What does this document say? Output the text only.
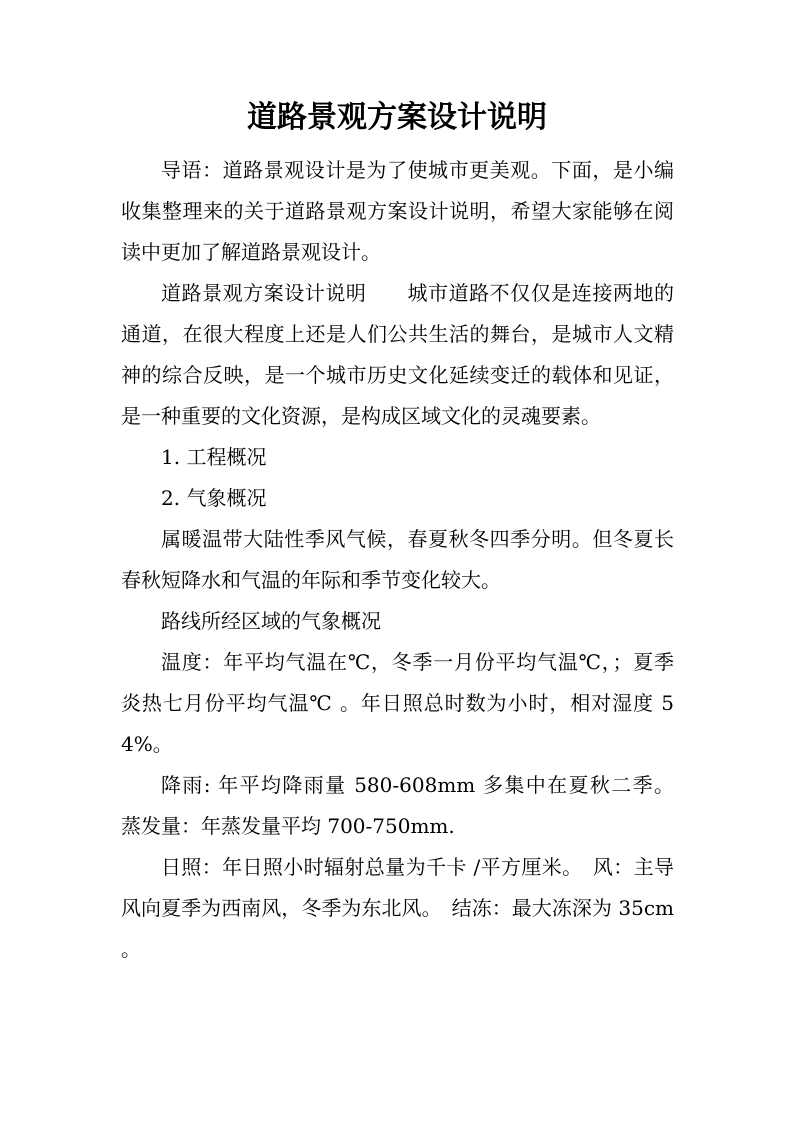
道路景观方案设计说明

导语：道路景观设计是为了使城市更美观。下面，是小编收集整理来的关于道路景观方案设计说明，希望大家能够在阅读中更加了解道路景观设计。

道路景观方案设计说明　　城市道路不仅仅是连接两地的通道，在很大程度上还是人们公共生活的舞台，是城市人文精神的综合反映，是一个城市历史文化延续变迁的载体和见证，是一种重要的文化资源，是构成区域文化的灵魂要素。

1. 工程概况

2. 气象概况

属暖温带大陆性季风气候，春夏秋冬四季分明。但冬夏长春秋短降水和气温的年际和季节变化较大。

路线所经区域的气象概况

温度：年平均气温在℃，冬季一月份平均气温℃，；夏季炎热七月份平均气温℃ 。年日照总时数为小时，相对湿度 54%。

降雨: 年平均降雨量 580-608mm 多集中在夏秋二季。 蒸发量：年蒸发量平均 700-750mm.

日照：年日照小时辐射总量为千卡 /平方厘米。　风：主导风向夏季为西南风，冬季为东北风。　结冻：最大冻深为 35cm 。
